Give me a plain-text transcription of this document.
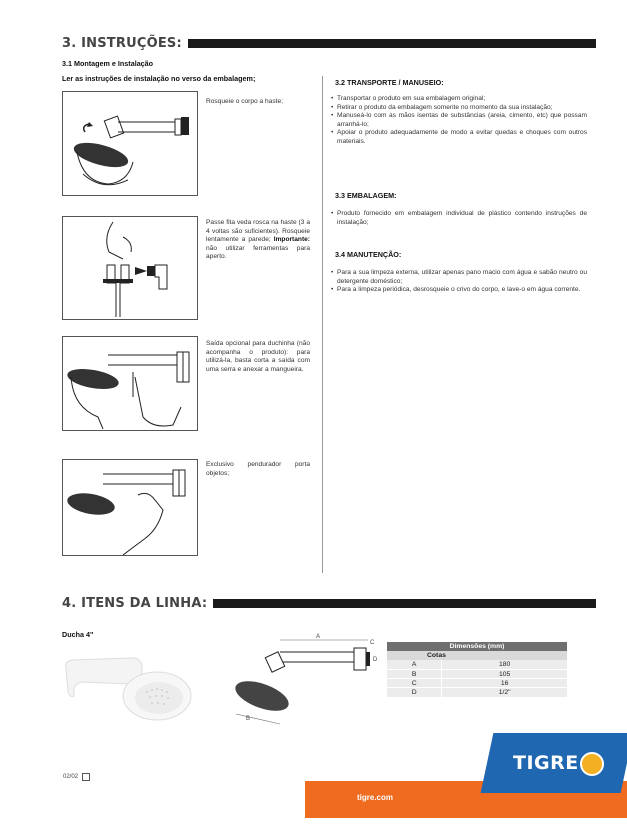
3. INSTRUÇÕES:
3.1 Montagem e Instalação
Ler as instruções de instalação no verso da embalagem;
Rosqueie o corpo a haste;
Passe fita veda rosca na haste (3 a 4 voltas são suficientes). Rosqueie lentamente a parede; Importante: não utilizar ferramentas para aperto.
Saída opcional para duchinha (não acompanha o produto): para utilizá-la, basta corta a saída com uma serra e anexar a mangueira.
Exclusivo pendurador porta objetos;
3.2 TRANSPORTE / MANUSEIO:
• Transportar o produto em sua embalagem original;
• Retirar o produto da embalagem somente no momento da sua instalação;
• Manuseá-lo com as mãos isentas de substâncias (areia, cimento, etc) que possam arranhá-lo;
• Apoiar o produto adequadamente de modo a evitar quedas e choques com outros materiais.
3.3 EMBALAGEM:
• Produto fornecido em embalagem individual de plástico contendo instruções de instalação;
3.4 MANUTENÇÃO:
• Para a sua limpeza externa, utilizar apenas pano macio com água e sabão neutro ou detergente doméstico;
• Para a limpeza periódica, desrosqueie o crivo do corpo, e lave-o em água corrente.
4. ITENS DA LINHA:
Ducha 4"	A
C
D
B
Dimensões (mm)	
Cotas	
A	180
B	105
C	16
D	1/2"
02/02
tigre.com
TIGRE
